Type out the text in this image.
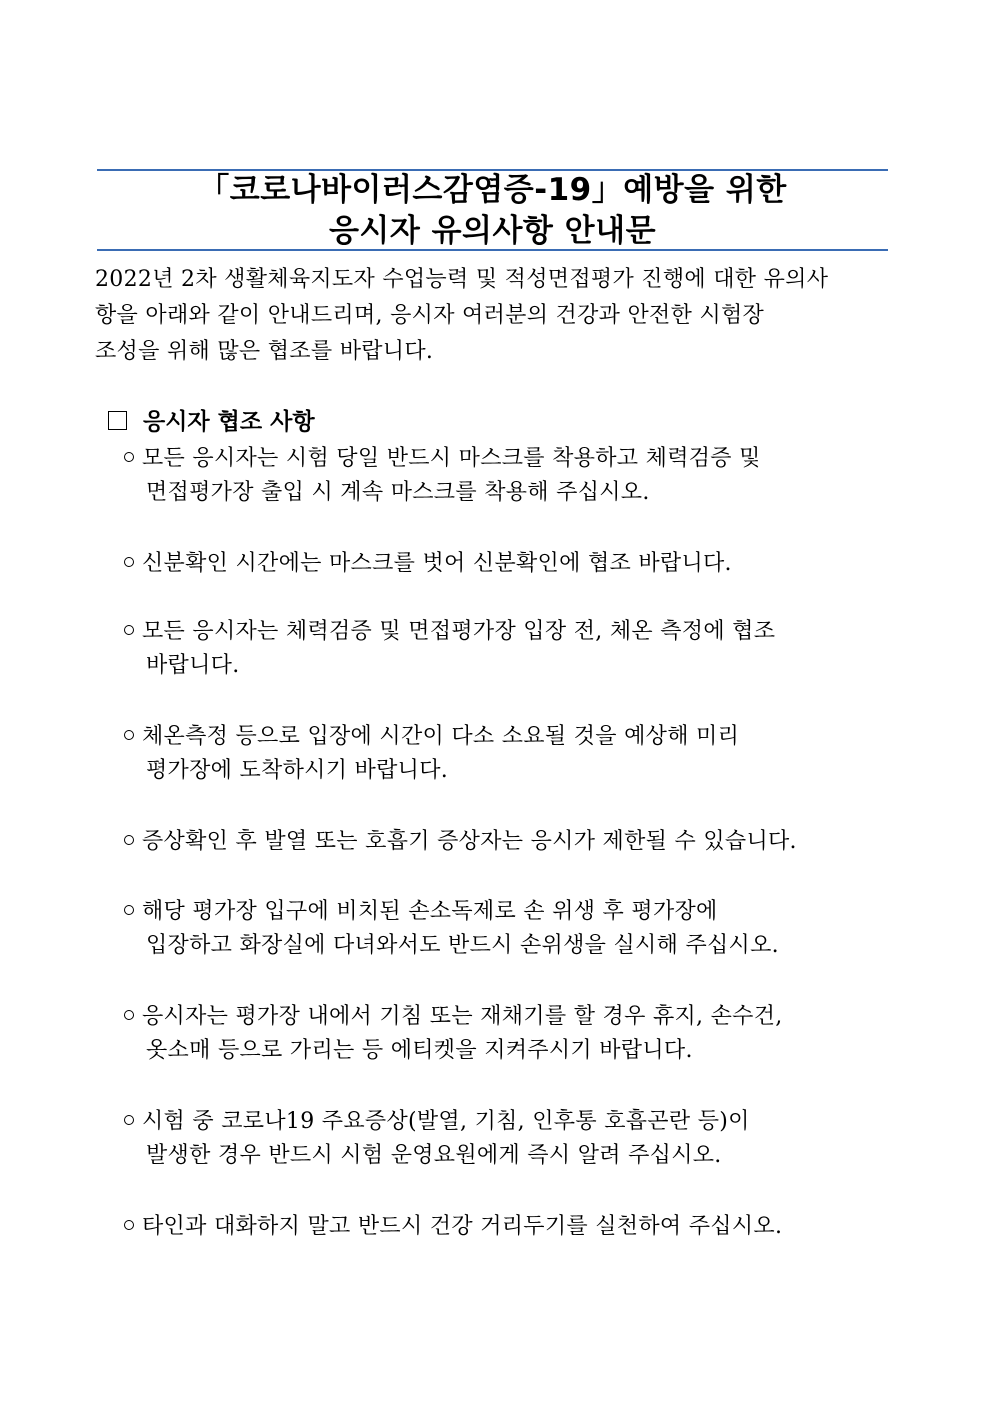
「코로나바이러스감염증-19」예방을 위한
응시자 유의사항 안내문
2022년 2차 생활체육지도자 수업능력 및 적성면접평가 진행에 대한 유의사
항을 아래와 같이 안내드리며, 응시자 여러분의 건강과 안전한 시험장
조성을 위해 많은 협조를 바랍니다.
응시자 협조 사항
모든 응시자는 시험 당일 반드시 마스크를 착용하고 체력검증 및
면접평가장 출입 시 계속 마스크를 착용해 주십시오.
신분확인 시간에는 마스크를 벗어 신분확인에 협조 바랍니다.
모든 응시자는 체력검증 및 면접평가장 입장 전, 체온 측정에 협조
바랍니다.
체온측정 등으로 입장에 시간이 다소 소요될 것을 예상해 미리
평가장에 도착하시기 바랍니다.
증상확인 후 발열 또는 호흡기 증상자는 응시가 제한될 수 있습니다.
해당 평가장 입구에 비치된 손소독제로 손 위생 후 평가장에
입장하고 화장실에 다녀와서도 반드시 손위생을 실시해 주십시오.
응시자는 평가장 내에서 기침 또는 재채기를 할 경우 휴지, 손수건,
옷소매 등으로 가리는 등 에티켓을 지켜주시기 바랍니다.
시험 중 코로나19 주요증상(발열, 기침, 인후통 호흡곤란 등)이
발생한 경우 반드시 시험 운영요원에게 즉시 알려 주십시오.
타인과 대화하지 말고 반드시 건강 거리두기를 실천하여 주십시오.
